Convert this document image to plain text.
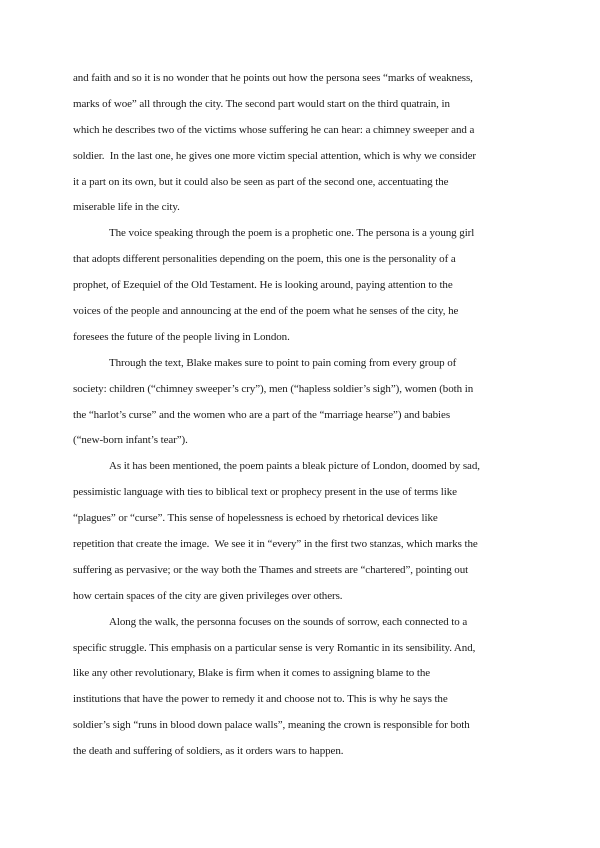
and faith and so it is no wonder that he points out how the persona sees “marks of weakness,
marks of woe” all through the city. The second part would start on the third quatrain, in
which he describes two of the victims whose suffering he can hear: a chimney sweeper and a
soldier.  In the last one, he gives one more victim special attention, which is why we consider
it a part on its own, but it could also be seen as part of the second one, accentuating the
miserable life in the city.
The voice speaking through the poem is a prophetic one. The persona is a young girl
that adopts different personalities depending on the poem, this one is the personality of a
prophet, of Ezequiel of the Old Testament. He is looking around, paying attention to the
voices of the people and announcing at the end of the poem what he senses of the city, he
foresees the future of the people living in London.
Through the text, Blake makes sure to point to pain coming from every group of
society: children (“chimney sweeper’s cry”), men (“hapless soldier’s sigh”), women (both in
the “harlot’s curse” and the women who are a part of the “marriage hearse”) and babies
(“new-born infant’s tear”).
As it has been mentioned, the poem paints a bleak picture of London, doomed by sad,
pessimistic language with ties to biblical text or prophecy present in the use of terms like
“plagues” or “curse”. This sense of hopelessness is echoed by rhetorical devices like
repetition that create the image.  We see it in “every” in the first two stanzas, which marks the
suffering as pervasive; or the way both the Thames and streets are “chartered”, pointing out
how certain spaces of the city are given privileges over others.
Along the walk, the personna focuses on the sounds of sorrow, each connected to a
specific struggle. This emphasis on a particular sense is very Romantic in its sensibility. And,
like any other revolutionary, Blake is firm when it comes to assigning blame to the
institutions that have the power to remedy it and choose not to. This is why he says the
soldier’s sigh “runs in blood down palace walls”, meaning the crown is responsible for both
the death and suffering of soldiers, as it orders wars to happen.
